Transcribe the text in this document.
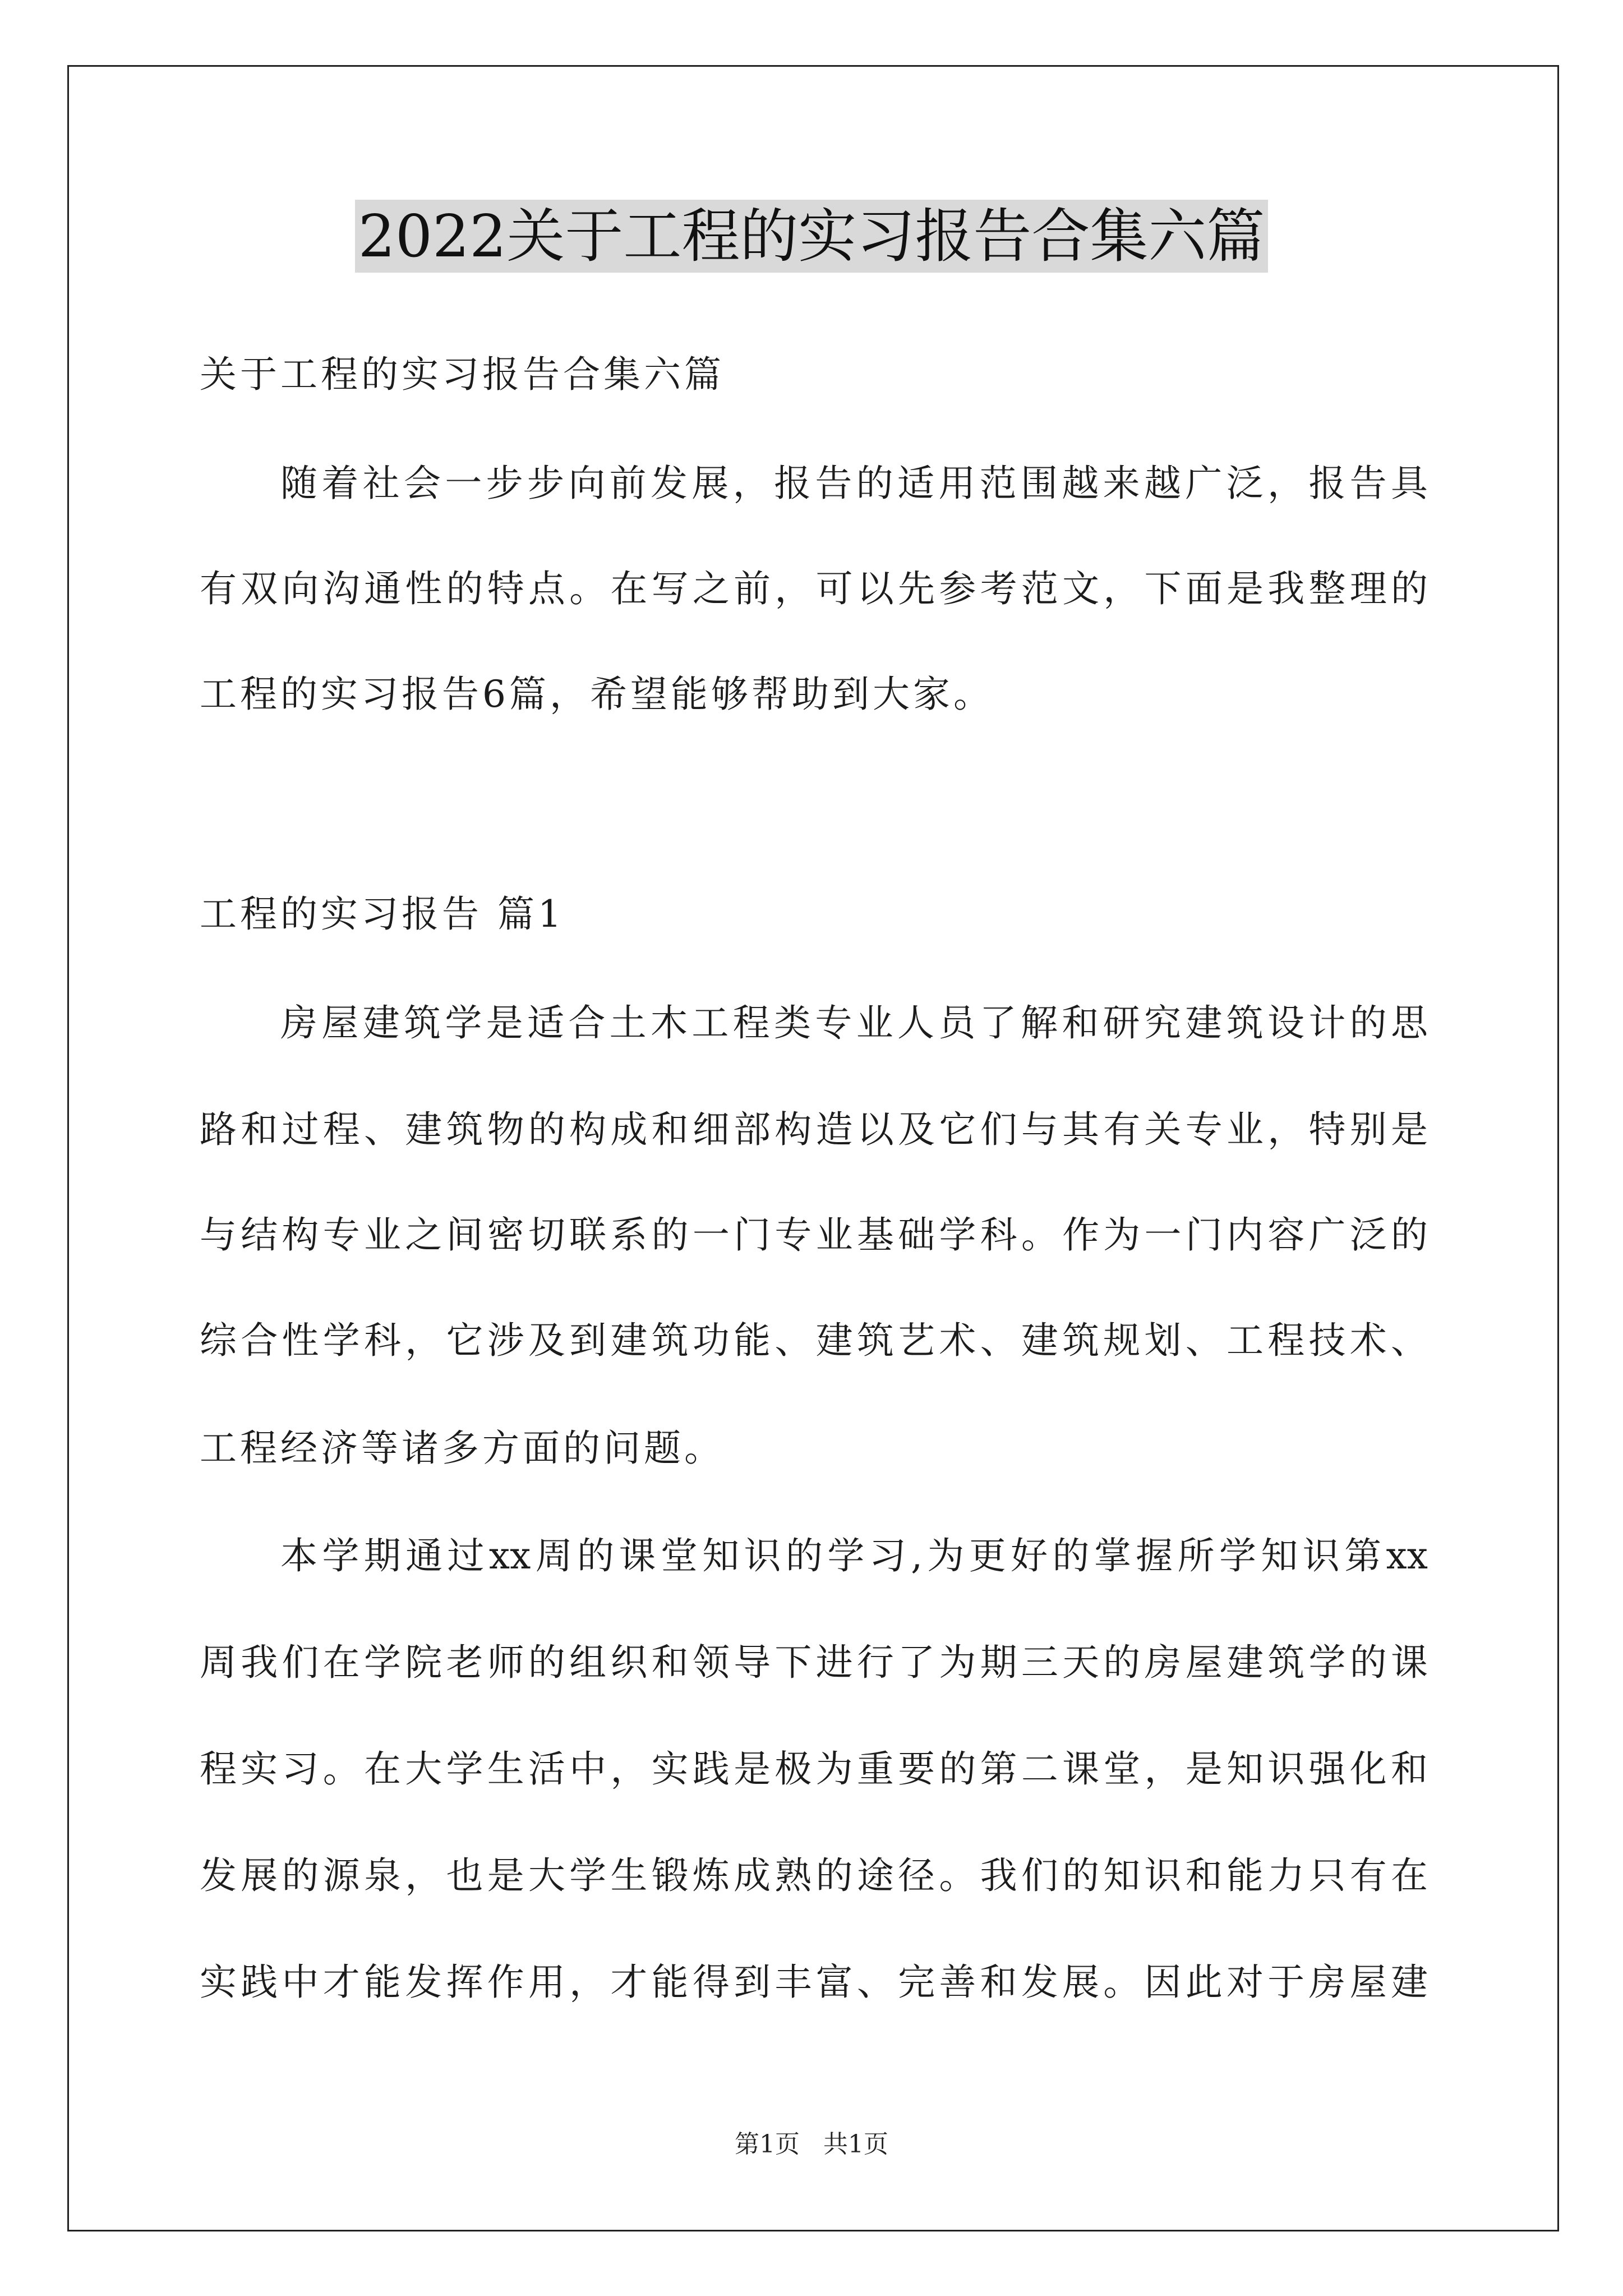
2022关于工程的实习报告合集六篇
关于工程的实习报告合集六篇
随着社会一步步向前发展，报告的适用范围越来越广泛，报告具
有双向沟通性的特点。在写之前，可以先参考范文，下面是我整理的
工程的实习报告6篇，希望能够帮助到大家。
工程的实习报告 篇1
房屋建筑学是适合土木工程类专业人员了解和研究建筑设计的思
路和过程、建筑物的构成和细部构造以及它们与其有关专业，特别是
与结构专业之间密切联系的一门专业基础学科。作为一门内容广泛的
综合性学科，它涉及到建筑功能、建筑艺术、建筑规划、工程技术、
工程经济等诸多方面的问题。
本学期通过xx周的课堂知识的学习,为更好的掌握所学知识第xx
周我们在学院老师的组织和领导下进行了为期三天的房屋建筑学的课
程实习。在大学生活中，实践是极为重要的第二课堂，是知识强化和
发展的源泉，也是大学生锻炼成熟的途径。我们的知识和能力只有在
实践中才能发挥作用，才能得到丰富、完善和发展。因此对于房屋建
第1页   共1页
